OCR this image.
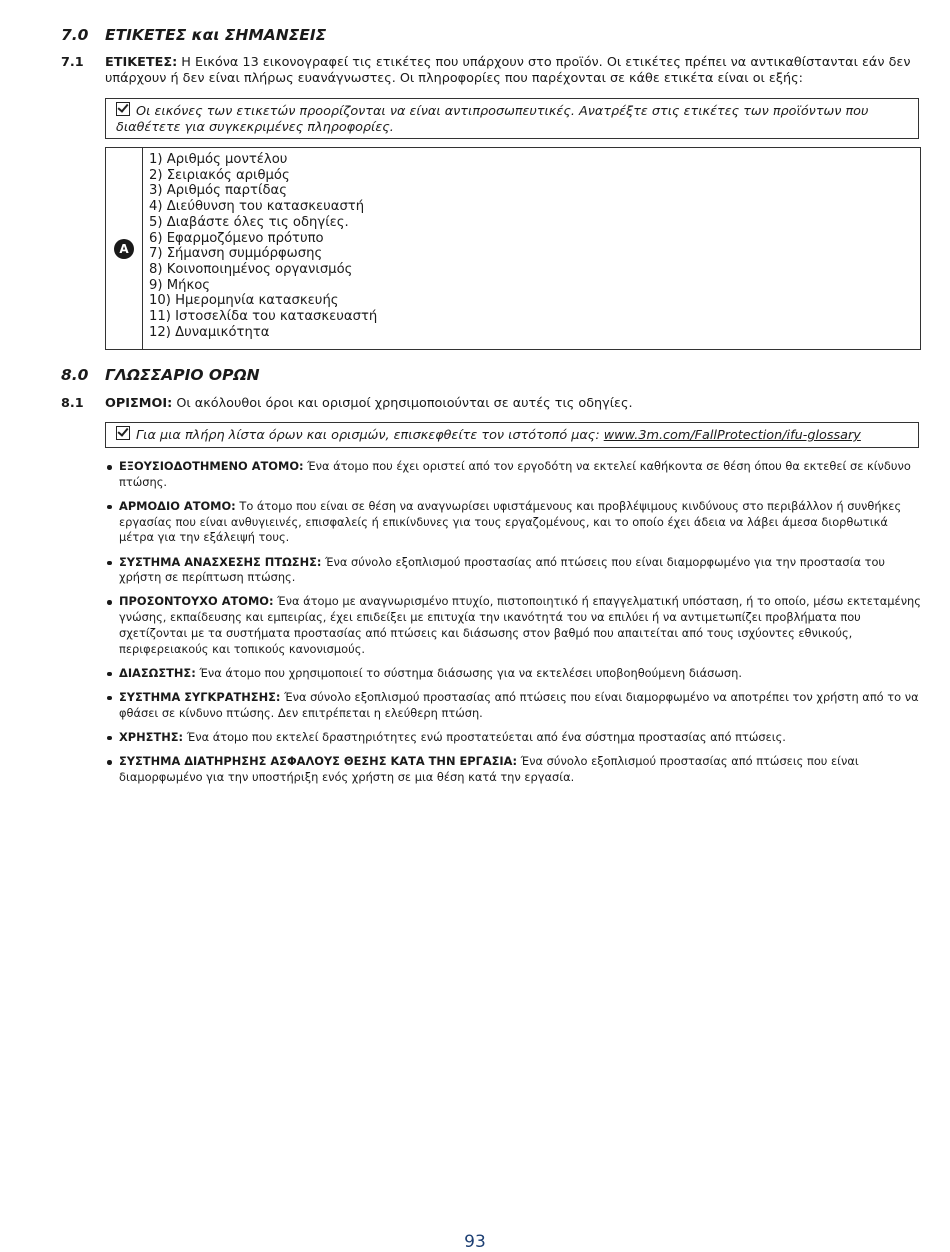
7.0 ΕΤΙΚΕΤΕΣ και ΣΗΜΑΝΣΕΙΣ
7.1 ΕΤΙΚΕΤΕΣ: Η Εικόνα 13 εικονογραφεί τις ετικέτες που υπάρχουν στο προϊόν. Οι ετικέτες πρέπει να αντικαθίστανται εάν δεν υπάρχουν ή δεν είναι πλήρως ευανάγνωστες. Οι πληροφορίες που παρέχονται σε κάθε ετικέτα είναι οι εξής:
Οι εικόνες των ετικετών προορίζονται να είναι αντιπροσωπευτικές. Ανατρέξτε στις ετικέτες των προϊόντων που διαθέτετε για συγκεκριμένες πληροφορίες.
A
1) Αριθμός μοντέλου
2) Σειριακός αριθμός
3) Αριθμός παρτίδας
4) Διεύθυνση του κατασκευαστή
5) Διαβάστε όλες τις οδηγίες.
6) Εφαρμοζόμενο πρότυπο
7) Σήμανση συμμόρφωσης
8) Κοινοποιημένος οργανισμός
9) Μήκος
10) Ημερομηνία κατασκευής
11) Ιστοσελίδα του κατασκευαστή
12) Δυναμικότητα
8.0 ΓΛΩΣΣΑΡΙΟ ΟΡΩΝ
8.1 ΟΡΙΣΜΟΙ: Οι ακόλουθοι όροι και ορισμοί χρησιμοποιούνται σε αυτές τις οδηγίες.
Για μια πλήρη λίστα όρων και ορισμών, επισκεφθείτε τον ιστότοπό μας: www.3m.com/FallProtection/ifu-glossary
ΕΞΟΥΣΙΟΔΟΤΗΜΕΝΟ ΑΤΟΜΟ: Ένα άτομο που έχει οριστεί από τον εργοδότη να εκτελεί καθήκοντα σε θέση όπου θα εκτεθεί σε κίνδυνο πτώσης.
ΑΡΜΟΔΙΟ ΑΤΟΜΟ: Το άτομο που είναι σε θέση να αναγνωρίσει υφιστάμενους και προβλέψιμους κινδύνους στο περιβάλλον ή συνθήκες εργασίας που είναι ανθυγιεινές, επισφαλείς ή επικίνδυνες για τους εργαζομένους, και το οποίο έχει άδεια να λάβει άμεσα διορθωτικά μέτρα για την εξάλειψή τους.
ΣΥΣΤΗΜΑ ΑΝΑΣΧΕΣΗΣ ΠΤΩΣΗΣ: Ένα σύνολο εξοπλισμού προστασίας από πτώσεις που είναι διαμορφωμένο για την προστασία του χρήστη σε περίπτωση πτώσης.
ΠΡΟΣΟΝΤΟΥΧΟ ΑΤΟΜΟ: Ένα άτομο με αναγνωρισμένο πτυχίο, πιστοποιητικό ή επαγγελματική υπόσταση, ή το οποίο, μέσω εκτεταμένης γνώσης, εκπαίδευσης και εμπειρίας, έχει επιδείξει με επιτυχία την ικανότητά του να επιλύει ή να αντιμετωπίζει προβλήματα που σχετίζονται με τα συστήματα προστασίας από πτώσεις και διάσωσης στον βαθμό που απαιτείται από τους ισχύοντες εθνικούς, περιφερειακούς και τοπικούς κανονισμούς.
ΔΙΑΣΩΣΤΗΣ: Ένα άτομο που χρησιμοποιεί το σύστημα διάσωσης για να εκτελέσει υποβοηθούμενη διάσωση.
ΣΥΣΤΗΜΑ ΣΥΓΚΡΑΤΗΣΗΣ: Ένα σύνολο εξοπλισμού προστασίας από πτώσεις που είναι διαμορφωμένο να αποτρέπει τον χρήστη από το να φθάσει σε κίνδυνο πτώσης. Δεν επιτρέπεται η ελεύθερη πτώση.
ΧΡΗΣΤΗΣ: Ένα άτομο που εκτελεί δραστηριότητες ενώ προστατεύεται από ένα σύστημα προστασίας από πτώσεις.
ΣΥΣΤΗΜΑ ΔΙΑΤΗΡΗΣΗΣ ΑΣΦΑΛΟΥΣ ΘΕΣΗΣ ΚΑΤΑ ΤΗΝ ΕΡΓΑΣΙΑ: Ένα σύνολο εξοπλισμού προστασίας από πτώσεις που είναι διαμορφωμένο για την υποστήριξη ενός χρήστη σε μια θέση κατά την εργασία.
93
